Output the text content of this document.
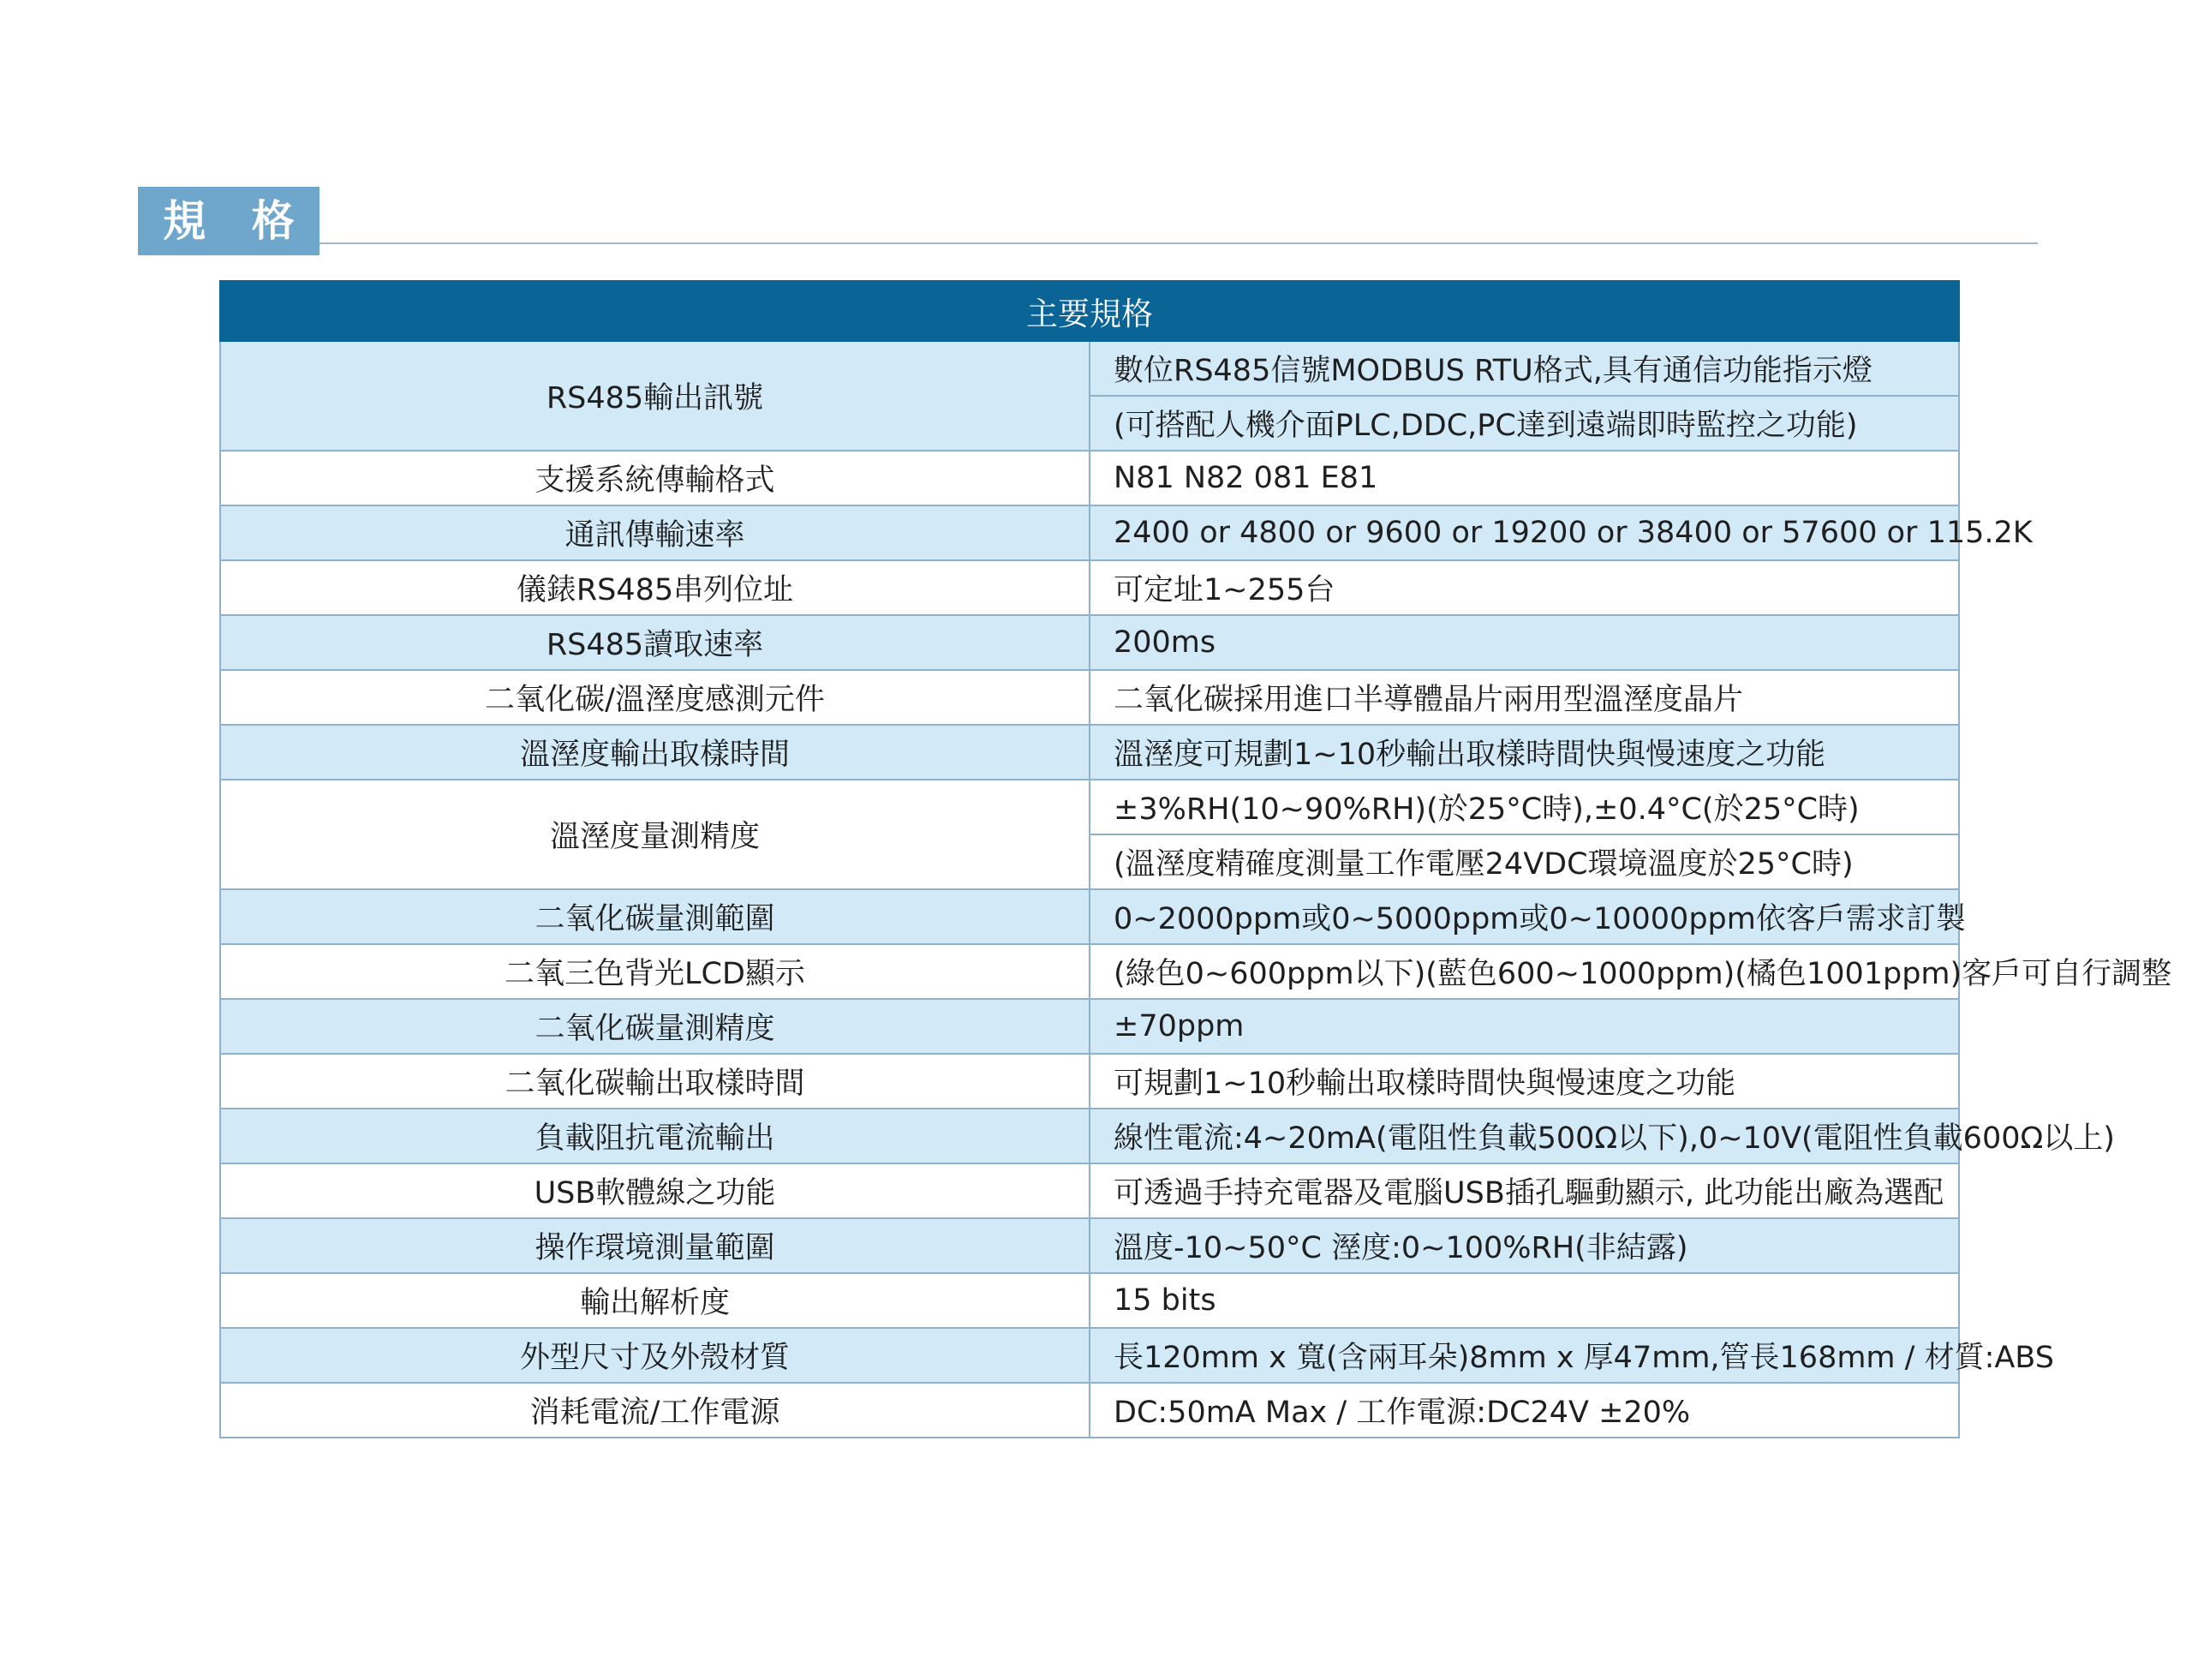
規 格
主要規格	
RS485輸出訊號	數位RS485信號MODBUS RTU格式,具有通信功能指示燈
	(可搭配人機介面PLC,DDC,PC達到遠端即時監控之功能)
支援系統傳輸格式	N81 N82 081 E81
通訊傳輸速率	2400 or 4800 or 9600 or 19200 or 38400 or 57600 or 115.2K
儀錶RS485串列位址	可定址1~255台
RS485讀取速率	200ms
二氧化碳/溫溼度感測元件	二氧化碳採用進口半導體晶片兩用型溫溼度晶片
溫溼度輸出取樣時間	溫溼度可規劃1~10秒輸出取樣時間快與慢速度之功能
溫溼度量測精度	±3%RH(10~90%RH)(於25°C時),±0.4°C(於25°C時)
	(溫溼度精確度測量工作電壓24VDC環境溫度於25°C時)
二氧化碳量測範圍	0~2000ppm或0~5000ppm或0~10000ppm依客戶需求訂製
二氧三色背光LCD顯示	(綠色0~600ppm以下)(藍色600~1000ppm)(橘色1001ppm)客戶可自行調整
二氧化碳量測精度	±70ppm
二氧化碳輸出取樣時間	可規劃1~10秒輸出取樣時間快與慢速度之功能
負載阻抗電流輸出	線性電流:4~20mA(電阻性負載500Ω以下),0~10V(電阻性負載600Ω以上)
USB軟體線之功能	可透過手持充電器及電腦USB插孔驅動顯示, 此功能出廠為選配
操作環境測量範圍	溫度-10~50°C 溼度:0~100%RH(非結露)
輸出解析度	15 bits
外型尺寸及外殼材質	長120mm x 寬(含兩耳朵)8mm x 厚47mm,管長168mm / 材質:ABS
消耗電流/工作電源	DC:50mA Max / 工作電源:DC24V ±20%
